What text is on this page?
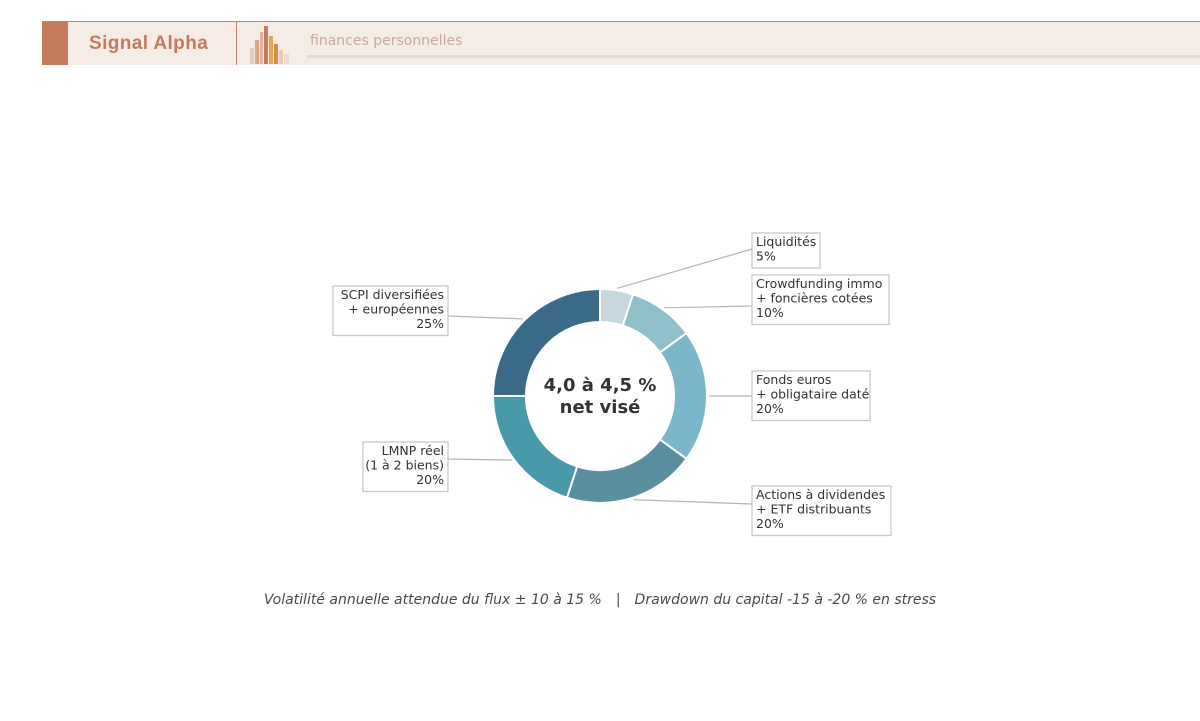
Signal Alpha	finances personnelles
Liquidités
5%
Crowdfunding immo
+ foncières cotées
10%
Fonds euros
+ obligataire daté
20%
Actions à dividendes
+ ETF distribuants
20%
LMNP réel
(1 à 2 biens)
20%
SCPI diversifiées
+ européennes
25%
4,0 à 4,5 %
net visé
Volatilité annuelle attendue du flux ± 10 à 15 % | Drawdown du capital -15 à -20 % en stress
